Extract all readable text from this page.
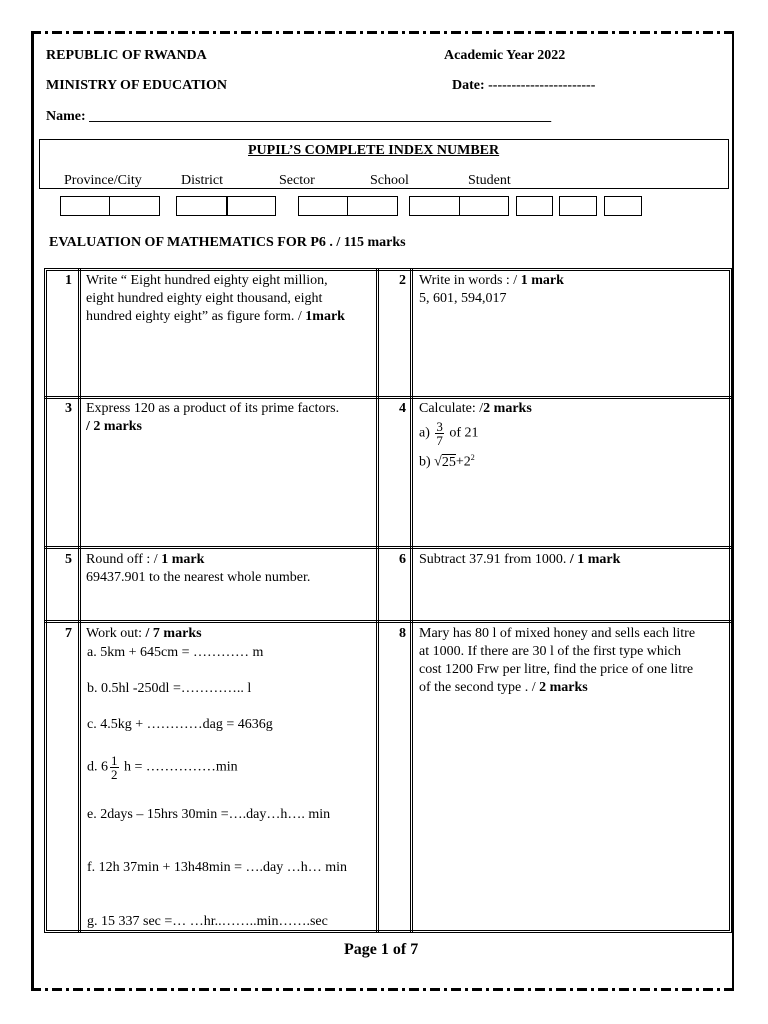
REPUBLIC OF RWANDA	Academic Year 2022
MINISTRY OF EDUCATION	Date: -----------------------
Name: __________________________________________________________________
PUPIL’S COMPLETE INDEX NUMBER
Province/City	District	Sector	School	Student
EVALUATION OF MATHEMATICS FOR P6 . / 115 marks
1 Write “ Eight hundred eighty eight million,
eight hundred eighty eight thousand, eight
hundred eighty eight” as figure form. / 1mark
2 Write in words : / 1 mark
5, 601, 594,017
3 Express 120 as a product of its prime factors.
/ 2 marks
4 Calculate: /2 marks
$a) \frac{3}{7}$ of 21
b) $√25+2^2$
5 Round off : / 1 mark
69437.901 to the nearest whole number.
6 Subtract 37.91 from 1000. / 1 mark
7 Work out: / 7 marks
a. 5km + 645cm = ………… m
b. 0.5hl -250dl =………….. l
c. 4.5kg + …………dag = 4636g
d. $6 \frac{1}{2}$ h = ……………min
e. 2days – 15hrs 30min =….day…h…. min
f. 12h 37min + 13h48min = ….day …h… min
g. 15 337 sec =… …hr..……..min…….sec
8 Mary has 80 l of mixed honey and sells each litre
at 1000. If there are 30 l of the first type which
cost 1200 Frw per litre, find the price of one litre
of the second type . / 2 marks
Page 1 of 7
